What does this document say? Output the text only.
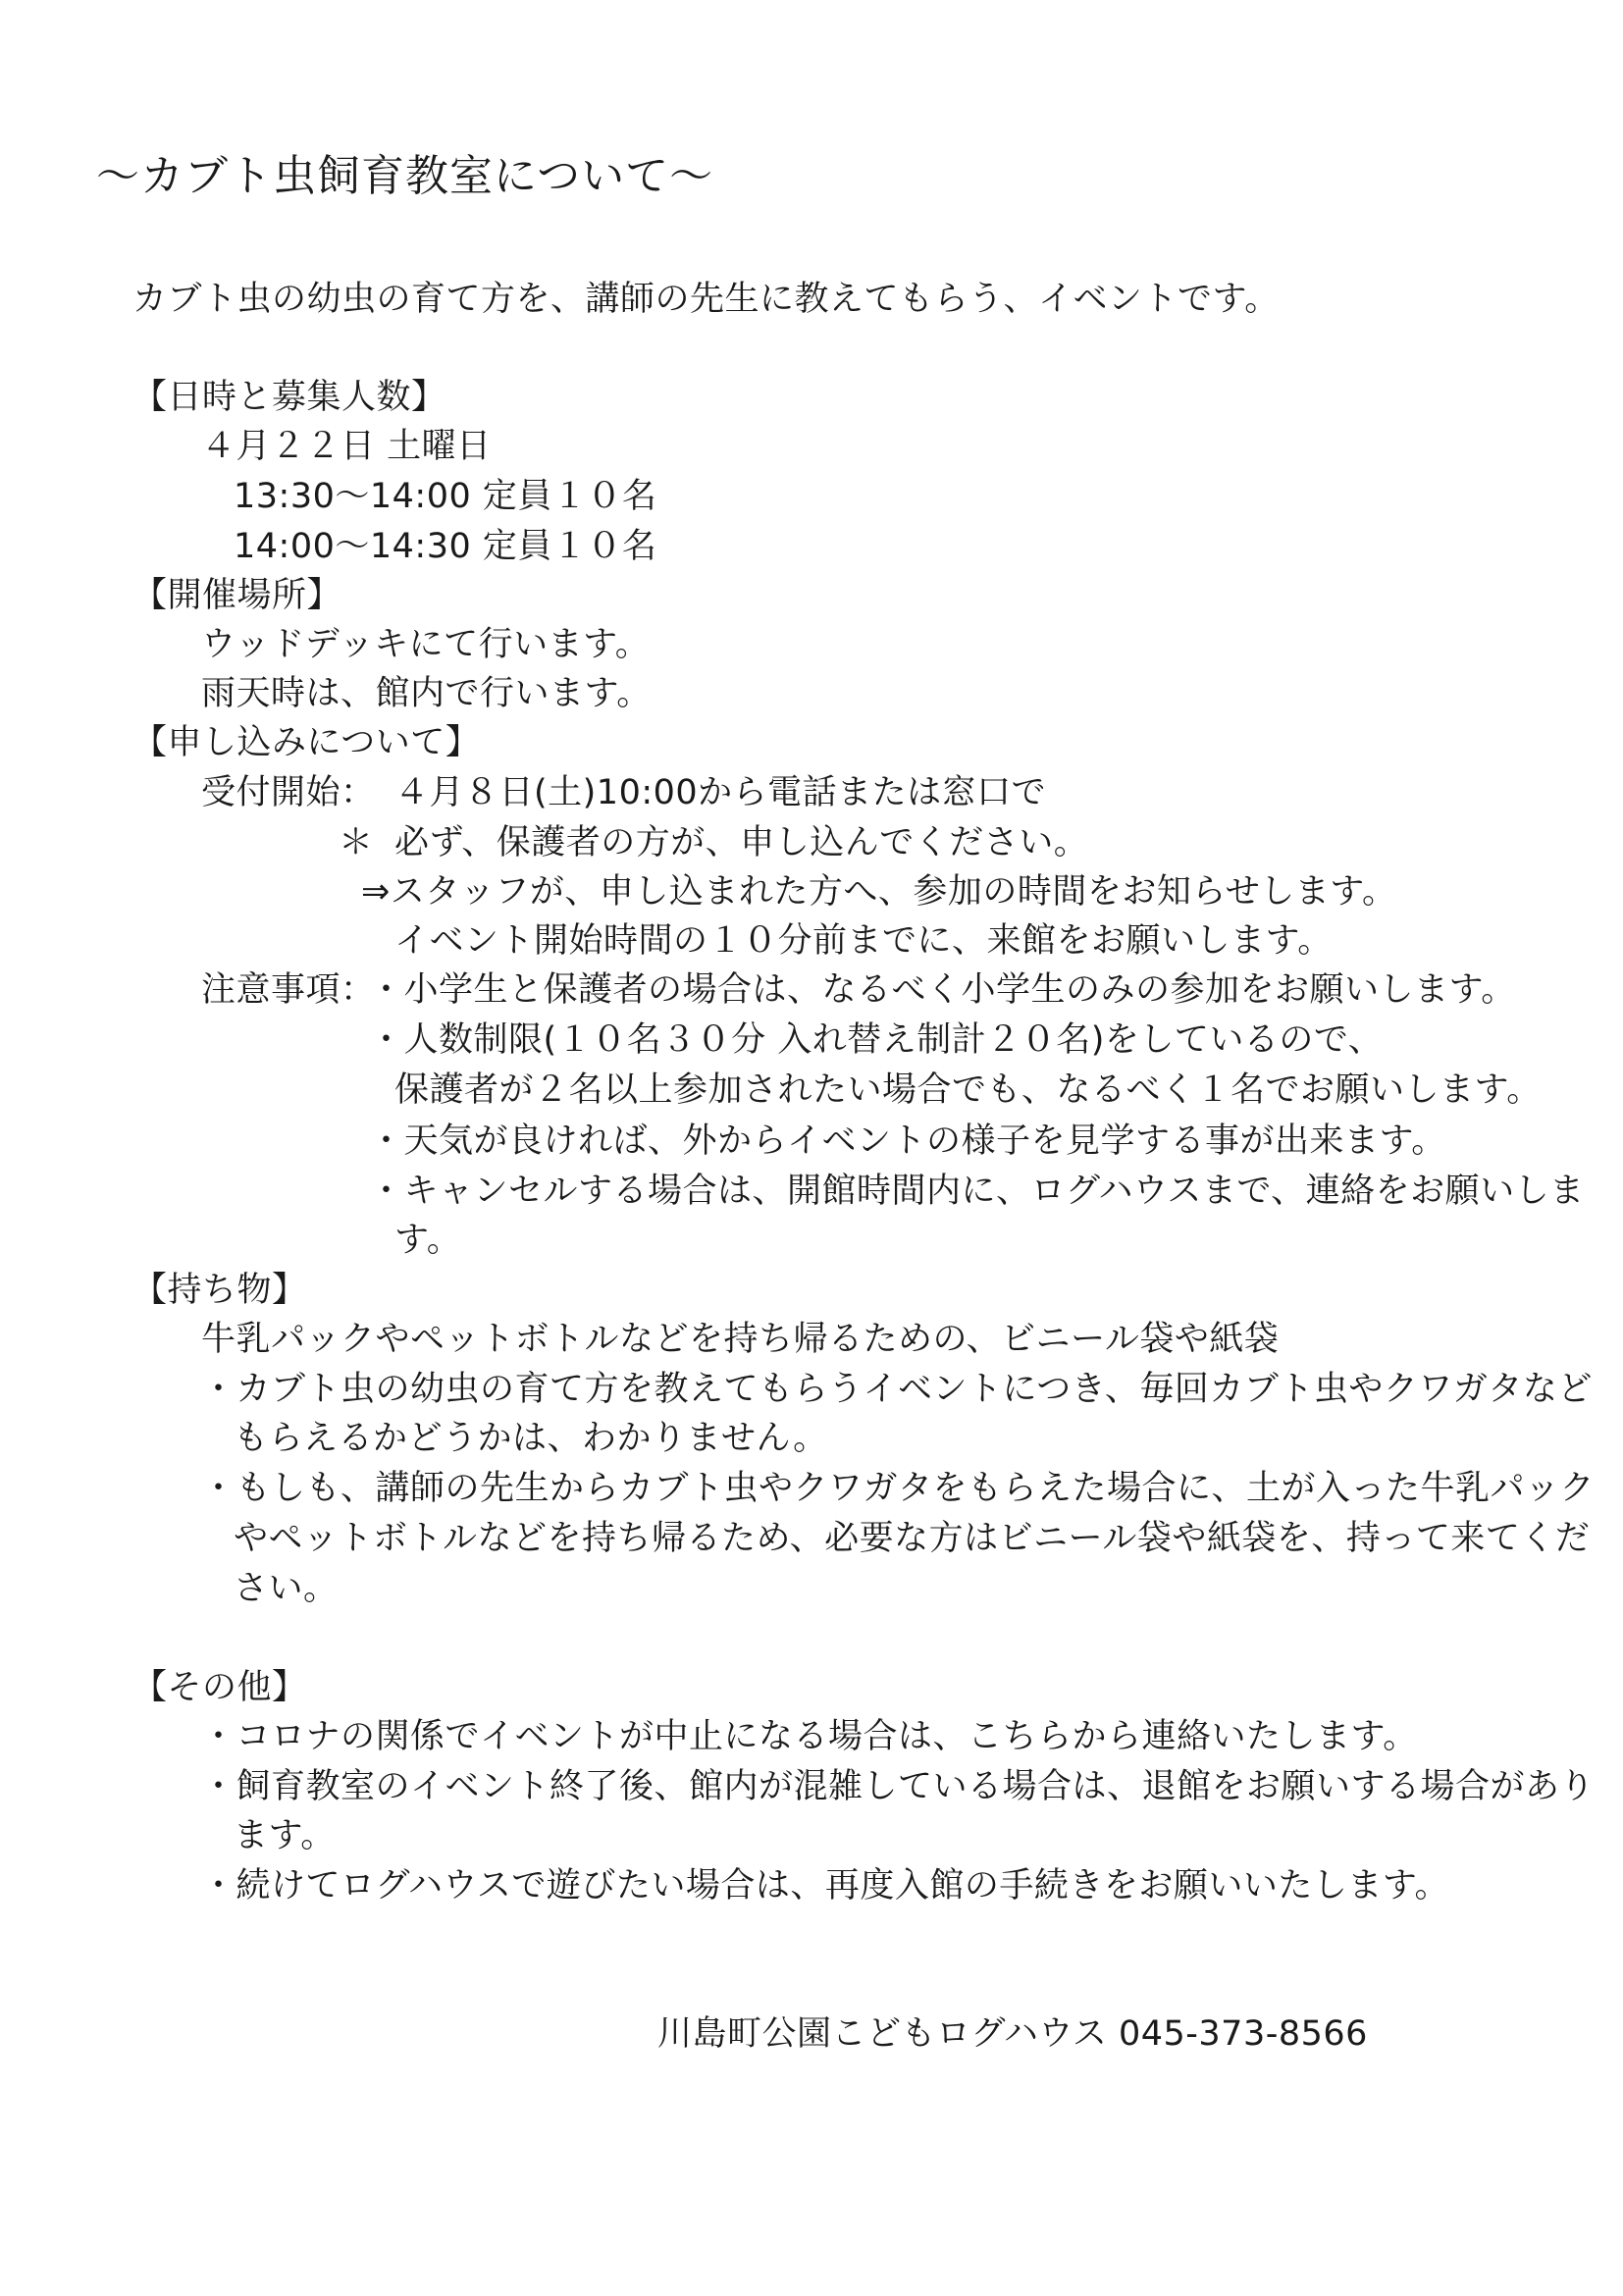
〜カブト虫飼育教室について〜
カブト虫の幼虫の育て方を、講師の先生に教えてもらう、イベントです。
【日時と募集人数】
４月２２日 土曜日
13:30〜14:00 定員１０名
14:00〜14:30 定員１０名
【開催場所】
ウッドデッキにて行います。
雨天時は、館内で行います。
【申し込みについて】
受付開始： ４月８日(土)10:00から電話または窓口で
＊ 必ず、保護者の方が、申し込んでください。
⇒スタッフが、申し込まれた方へ、参加の時間をお知らせします。
イベント開始時間の１０分前までに、来館をお願いします。
注意事項：
・小学生と保護者の場合は、なるべく小学生のみの参加をお願いします。
・人数制限(１０名３０分 入れ替え制計２０名)をしているので、
保護者が２名以上参加されたい場合でも、なるべく１名でお願いします。
・天気が良ければ、外からイベントの様子を見学する事が出来ます。
・キャンセルする場合は、開館時間内に、ログハウスまで、連絡をお願いしま
す。
【持ち物】
牛乳パックやペットボトルなどを持ち帰るための、ビニール袋や紙袋
・カブト虫の幼虫の育て方を教えてもらうイベントにつき、毎回カブト虫やクワガタなど
もらえるかどうかは、わかりません。
・もしも、講師の先生からカブト虫やクワガタをもらえた場合に、土が入った牛乳パック
やペットボトルなどを持ち帰るため、必要な方はビニール袋や紙袋を、持って来てくだ
さい。
【その他】
・コロナの関係でイベントが中止になる場合は、こちらから連絡いたします。
・飼育教室のイベント終了後、館内が混雑している場合は、退館をお願いする場合があり
ます。
・続けてログハウスで遊びたい場合は、再度入館の手続きをお願いいたします。
川島町公園こどもログハウス 045-373-8566
